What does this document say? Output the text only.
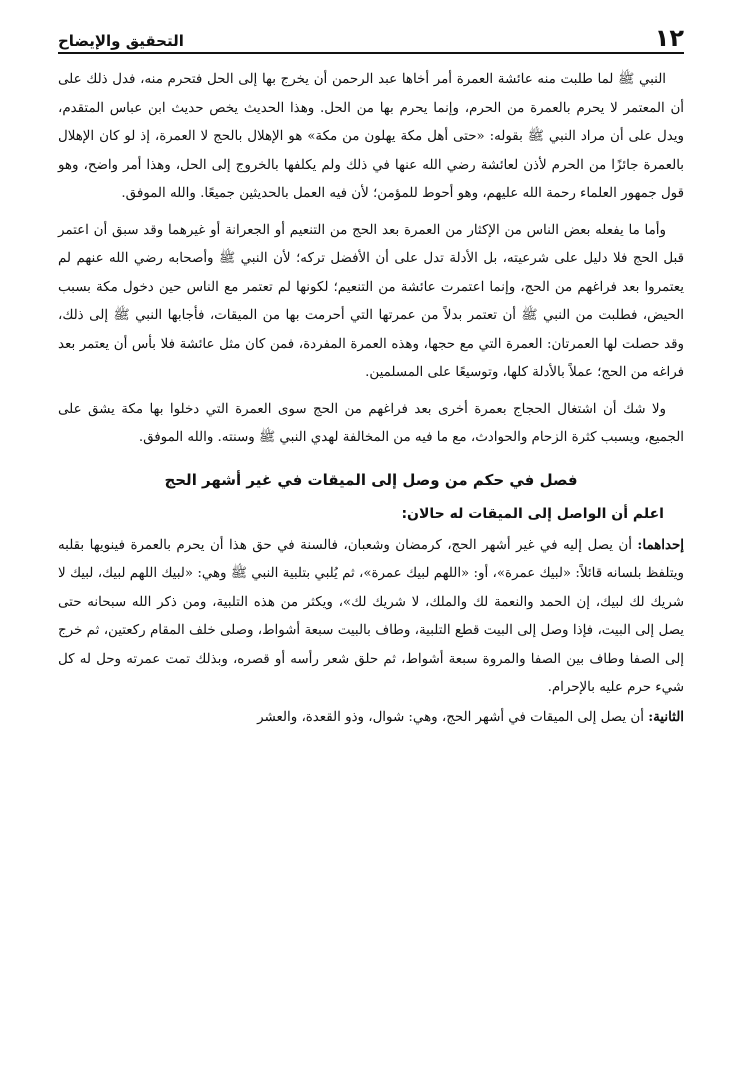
١٢
التحقيق والإيضاح

النبي ﷺ لما طلبت منه عائشة العمرة أمر أخاها عبد الرحمن أن يخرج بها إلى الحل فتحرم منه، فدل ذلك على أن المعتمر لا يحرم بالعمرة من الحرم، وإنما يحرم بها من الحل. وهذا الحديث يخص حديث ابن عباس المتقدم، ويدل على أن مراد النبي ﷺ بقوله: «حتى أهل مكة يهلون من مكة» هو الإهلال بالحج لا العمرة، إذ لو كان الإهلال بالعمرة جائزًا من الحرم لأذن لعائشة رضي الله عنها في ذلك ولم يكلفها بالخروج إلى الحل، وهذا أمر واضح، وهو قول جمهور العلماء رحمة الله عليهم، وهو أحوط للمؤمن؛ لأن فيه العمل بالحديثين جميعًا. والله الموفق.

وأما ما يفعله بعض الناس من الإكثار من العمرة بعد الحج من التنعيم أو الجعرانة أو غيرهما وقد سبق أن اعتمر قبل الحج فلا دليل على شرعيته، بل الأدلة تدل على أن الأفضل تركه؛ لأن النبي ﷺ وأصحابه رضي الله عنهم لم يعتمروا بعد فراغهم من الحج، وإنما اعتمرت عائشة من التنعيم؛ لكونها لم تعتمر مع الناس حين دخول مكة بسبب الحيض، فطلبت من النبي ﷺ أن تعتمر بدلاً من عمرتها التي أحرمت بها من الميقات، فأجابها النبي ﷺ إلى ذلك، وقد حصلت لها العمرتان: العمرة التي مع حجها، وهذه العمرة المفردة، فمن كان مثل عائشة فلا بأس أن يعتمر بعد فراغه من الحج؛ عملاً بالأدلة كلها، وتوسيعًا على المسلمين.

ولا شك أن اشتغال الحجاج بعمرة أخرى بعد فراغهم من الحج سوى العمرة التي دخلوا بها مكة يشق على الجميع، ويسبب كثرة الزحام والحوادث، مع ما فيه من المخالفة لهدي النبي ﷺ وسنته. والله الموفق.

فصل في حكم من وصل إلى الميقات في غير أشهر الحج
اعلم أن الواصل إلى الميقات له حالان:

إحداهما: أن يصل إليه في غير أشهر الحج، كرمضان وشعبان، فالسنة في حق هذا أن يحرم بالعمرة فينويها بقلبه ويتلفظ بلسانه قائلاً: «لبيك عمرة»، أو: «اللهم لبيك عمرة»، ثم يُلبي بتلبية النبي ﷺ وهي: «لبيك اللهم لبيك، لبيك لا شريك لك لبيك، إن الحمد والنعمة لك والملك، لا شريك لك»، ويكثر من هذه التلبية، ومن ذكر الله سبحانه حتى يصل إلى البيت، فإذا وصل إلى البيت قطع التلبية، وطاف بالبيت سبعة أشواط، وصلى خلف المقام ركعتين، ثم خرج إلى الصفا وطاف بين الصفا والمروة سبعة أشواط، ثم حلق شعر رأسه أو قصره، وبذلك تمت عمرته وحل له كل شيء حرم عليه بالإحرام.

الثانية: أن يصل إلى الميقات في أشهر الحج، وهي: شوال، وذو القعدة، والعشر
